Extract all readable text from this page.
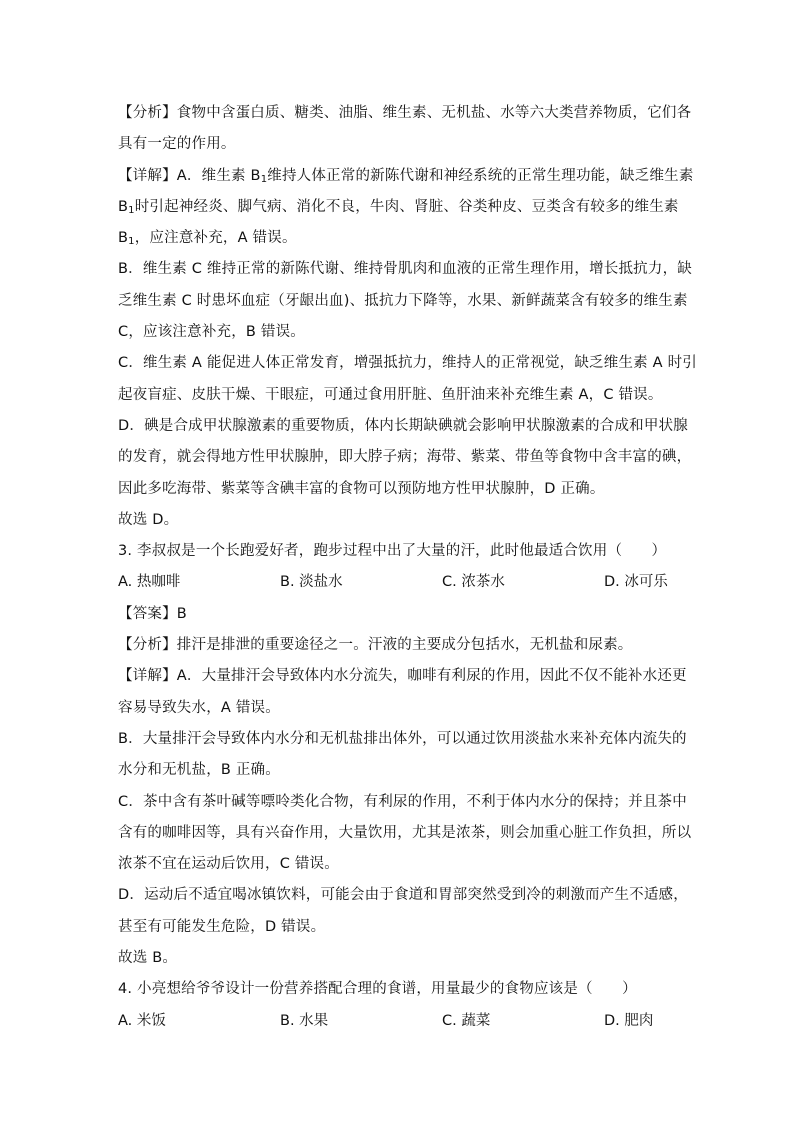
【分析】食物中含蛋白质、糖类、油脂、维生素、无机盐、水等六大类营养物质，它们各
具有一定的作用。
【详解】A．维生素 $B_1$维持人体正常的新陈代谢和神经系统的正常生理功能，缺乏维生素
$B_1$时引起神经炎、脚气病、消化不良，牛肉、肾脏、谷类种皮、豆类含有较多的维生素
$B_1$，应注意补充，A 错误。
B．维生素 C 维持正常的新陈代谢、维持骨肌肉和血液的正常生理作用，增长抵抗力，缺
乏维生素 C 时患坏血症（牙龈出血)、抵抗力下降等，水果、新鲜蔬菜含有较多的维生素
C，应该注意补充，B 错误。
C．维生素 A 能促进人体正常发育，增强抵抗力，维持人的正常视觉，缺乏维生素 A 时引
起夜盲症、皮肤干燥、干眼症，可通过食用肝脏、鱼肝油来补充维生素 A，C 错误。
D．碘是合成甲状腺激素的重要物质，体内长期缺碘就会影响甲状腺激素的合成和甲状腺
的发育，就会得地方性甲状腺肿，即大脖子病；海带、紫菜、带鱼等食物中含丰富的碘，
因此多吃海带、紫菜等含碘丰富的食物可以预防地方性甲状腺肿，D 正确。
故选 D。
3. 李叔叔是一个长跑爱好者，跑步过程中出了大量的汗，此时他最适合饮用（　　）
A. 热咖啡	B. 淡盐水	C. 浓茶水	D. 冰可乐
【答案】B
【分析】排汗是排泄的重要途径之一。汗液的主要成分包括水，无机盐和尿素。
【详解】A．大量排汗会导致体内水分流失，咖啡有利尿的作用，因此不仅不能补水还更
容易导致失水，A 错误。
B．大量排汗会导致体内水分和无机盐排出体外，可以通过饮用淡盐水来补充体内流失的
水分和无机盐，B 正确。
C．茶中含有茶叶碱等嘌呤类化合物，有利尿的作用，不利于体内水分的保持；并且茶中
含有的咖啡因等，具有兴奋作用，大量饮用，尤其是浓茶，则会加重心脏工作负担，所以
浓茶不宜在运动后饮用，C 错误。
D．运动后不适宜喝冰镇饮料，可能会由于食道和胃部突然受到冷的刺激而产生不适感，
甚至有可能发生危险，D 错误。
故选 B。
4. 小亮想给爷爷设计一份营养搭配合理的食谱，用量最少的食物应该是（　　）
A. 米饭	B. 水果	C. 蔬菜	D. 肥肉
